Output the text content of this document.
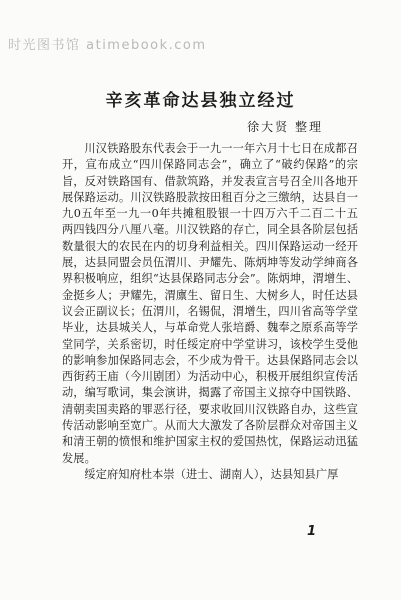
时光图书馆 atimebook.com
辛亥革命达县独立经过
徐大贤 整理

川汉铁路股东代表会于一九一一年六月十七日在成都召开，宣布成立“四川保路同志会”，确立了“破约保路”的宗旨，反对铁路国有、借款筑路，并发表宣言号召全川各地开展保路运动。川汉铁路股款按田租百分之三缴纳，达县自一九0五年至一九一0年共摊租股银一十四万六千二百二十五两四钱四分八厘八毫。川汉铁路的存亡，同全县各阶层包括数量很大的农民在内的切身利益相关。四川保路运动一经开展，达县同盟会员伍渭川、尹耀先、陈炳坤等发动学绅商各界积极响应，组织“达县保路同志分会”。陈炳坤，渭增生、金挺乡人；尹耀先，渭廪生、留日生、大树乡人，时任达县议会正副议长；伍渭川，名锡侃，渭增生，四川省高等学堂毕业，达县城关人，与革命党人张培爵、魏奉之原系高等学堂同学，关系密切，时任绥定府中学堂讲习，该校学生受他的影响参加保路同志会，不少成为骨干。达县保路同志会以西街药王庙（今川剧团）为活动中心，积极开展组织宣传活动，编写歌词，集会演讲，揭露了帝国主义掠夺中国铁路、清朝卖国卖路的罪恶行径，要求收回川汉铁路自办，这些宣传活动影响至宽广。从而大大激发了各阶层群众对帝国主义和清王朝的愤恨和维护国家主权的爱国热忱，保路运动迅猛发展。

绥定府知府杜本崇（进士、湖南人），达县知县广厚

1
